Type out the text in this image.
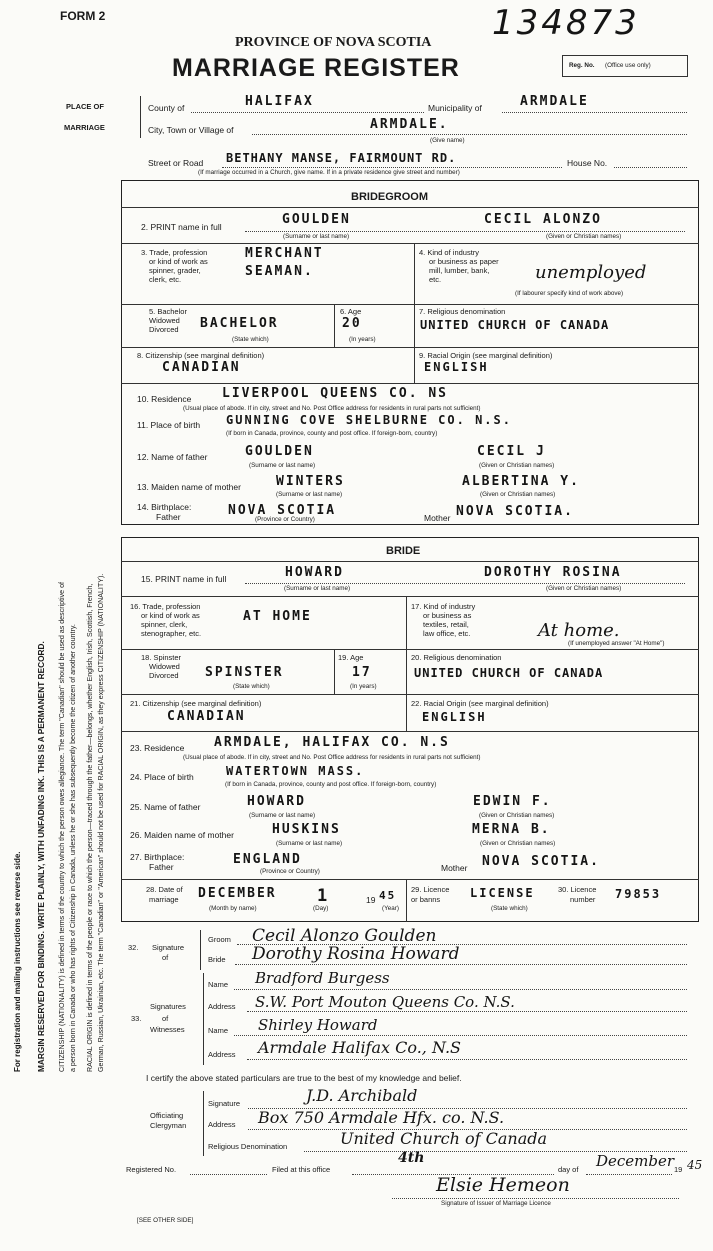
FORM 2	134873
PROVINCE OF NOVA SCOTIA
MARRIAGE REGISTER	Reg. No. (Office use only)
For registration and mailing instructions see reverse side. MARGIN RESERVED FOR BINDING. WRITE PLAINLY, WITH UNFADING INK. THIS IS A PERMANENT RECORD. CITIZENSHIP (NATIONALITY) is defined in terms of the country to which the person owes allegiance. The term "Canadian" should be used as descriptive of a person born in Canada or who has rights of Citizenship in Canada, unless he or she has subsequently become the citizen of another country. RACIAL ORIGIN is defined in terms of the people or race to which the person—traced through the father—belongs, whether English, Irish, Scottish, French, German, Russian, Ukrainian, etc. The term "Canadian" or "American" should not be used for RACIAL ORIGIN, as they express CITIZENSHIP (NATIONALITY).
PLACE OF
MARRIAGE
County of	HALIFAX	Municipality of	ARMDALE
City, Town or Village of	ARMDALE.
(Give name)
Street or Road BETHANY MANSE, FAIRMOUNT RD.	House No.
(If marriage occurred in a Church, give name. If in a private residence give street and number)
BRIDEGROOM
2. PRINT name in full	GOULDEN	CECIL ALONZO
(Surname or last name)	(Given or Christian names)
3. Trade, profession
or kind of work as
spinner, grader,
clerk, etc.
MERCHANT
SEAMAN.
4. Kind of industry
or business as paper
mill, lumber, bank,
etc.	unemployed
(If labourer specify kind of work above)
5. Bachelor
Widowed
Divorced BACHELOR
(State which)
6. Age
20
(In years)
7. Religious denomination
UNITED CHURCH OF CANADA
8. Citizenship (see marginal definition)
CANADIAN
9. Racial Origin (see marginal definition)
ENGLISH
10. Residence LIVERPOOL QUEENS CO. NS
(Usual place of abode. If in city, street and No. Post Office address for residents in rural parts not sufficient)
11. Place of birth GUNNING COVE SHELBURNE CO. N.S.
(If born in Canada, province, county and post office. If foreign-born, country)
12. Name of father	GOULDEN	CECIL J
(Surname or last name)	(Given or Christian names)
13. Maiden name of mother	WINTERS	ALBERTINA Y.
(Surname or last name)	(Given or Christian names)
14. Birthplace:
Father	NOVA SCOTIA	Mother NOVA SCOTIA.
(Province or Country)
BRIDE
15. PRINT name in full	HOWARD	DOROTHY ROSINA
(Surname or last name)	(Given or Christian names)
16. Trade, profession
or kind of work as
spinner, clerk,
stenographer, etc.
AT HOME
17. Kind of industry
or business as
textiles, retail,
law office, etc.	At home.
(If unemployed answer "At Home")
18. Spinster
Widowed
Divorced SPINSTER
(State which)
19. Age
17
(In years)
20. Religious denomination
UNITED CHURCH OF CANADA
21. Citizenship (see marginal definition)
CANADIAN
22. Racial Origin (see marginal definition)
ENGLISH
23. Residence ARMDALE, HALIFAX CO. N.S
(Usual place of abode. If in city, street and No. Post Office address for residents in rural parts not sufficient)
24. Place of birth	WATERTOWN MASS.
(If born in Canada, province, county and post office. If foreign-born, country)
25. Name of father	HOWARD	EDWIN F.
(Surname or last name)	(Given or Christian names)
26. Maiden name of mother	HUSKINS	MERNA B.
(Surname or last name)	(Given or Christian names)
27. Birthplace:
Father	ENGLAND
Mother NOVA SCOTIA.
(Province or Country)
28. Date of
marriage DECEMBER 1	19 45
(Month by name)	(Day)	(Year)
29. Licence
or banns LICENSE
(State which)
30. Licence
number 79853
32. Signature
of
Groom Cecil Alonzo Goulden
Bride Dorothy Rosina Howard
Signatures
33.	of
Witnesses
Name Bradford Burgess
Address S.W. Port Mouton Queens Co. N.S.
Name Shirley Howard
Address Armdale Halifax Co., N.S
I certify the above stated particulars are true to the best of my knowledge and belief.
Officiating
Clergyman
Signature	J.D. Archibald
Address Box 750 Armdale Hfx. co. N.S.
Religious Denomination	United Church of Canada
Registered No.	Filed at this office
4th
day of December 19 45
Elsie Hemeon
Signature of Issuer of Marriage Licence
[SEE OTHER SIDE]
